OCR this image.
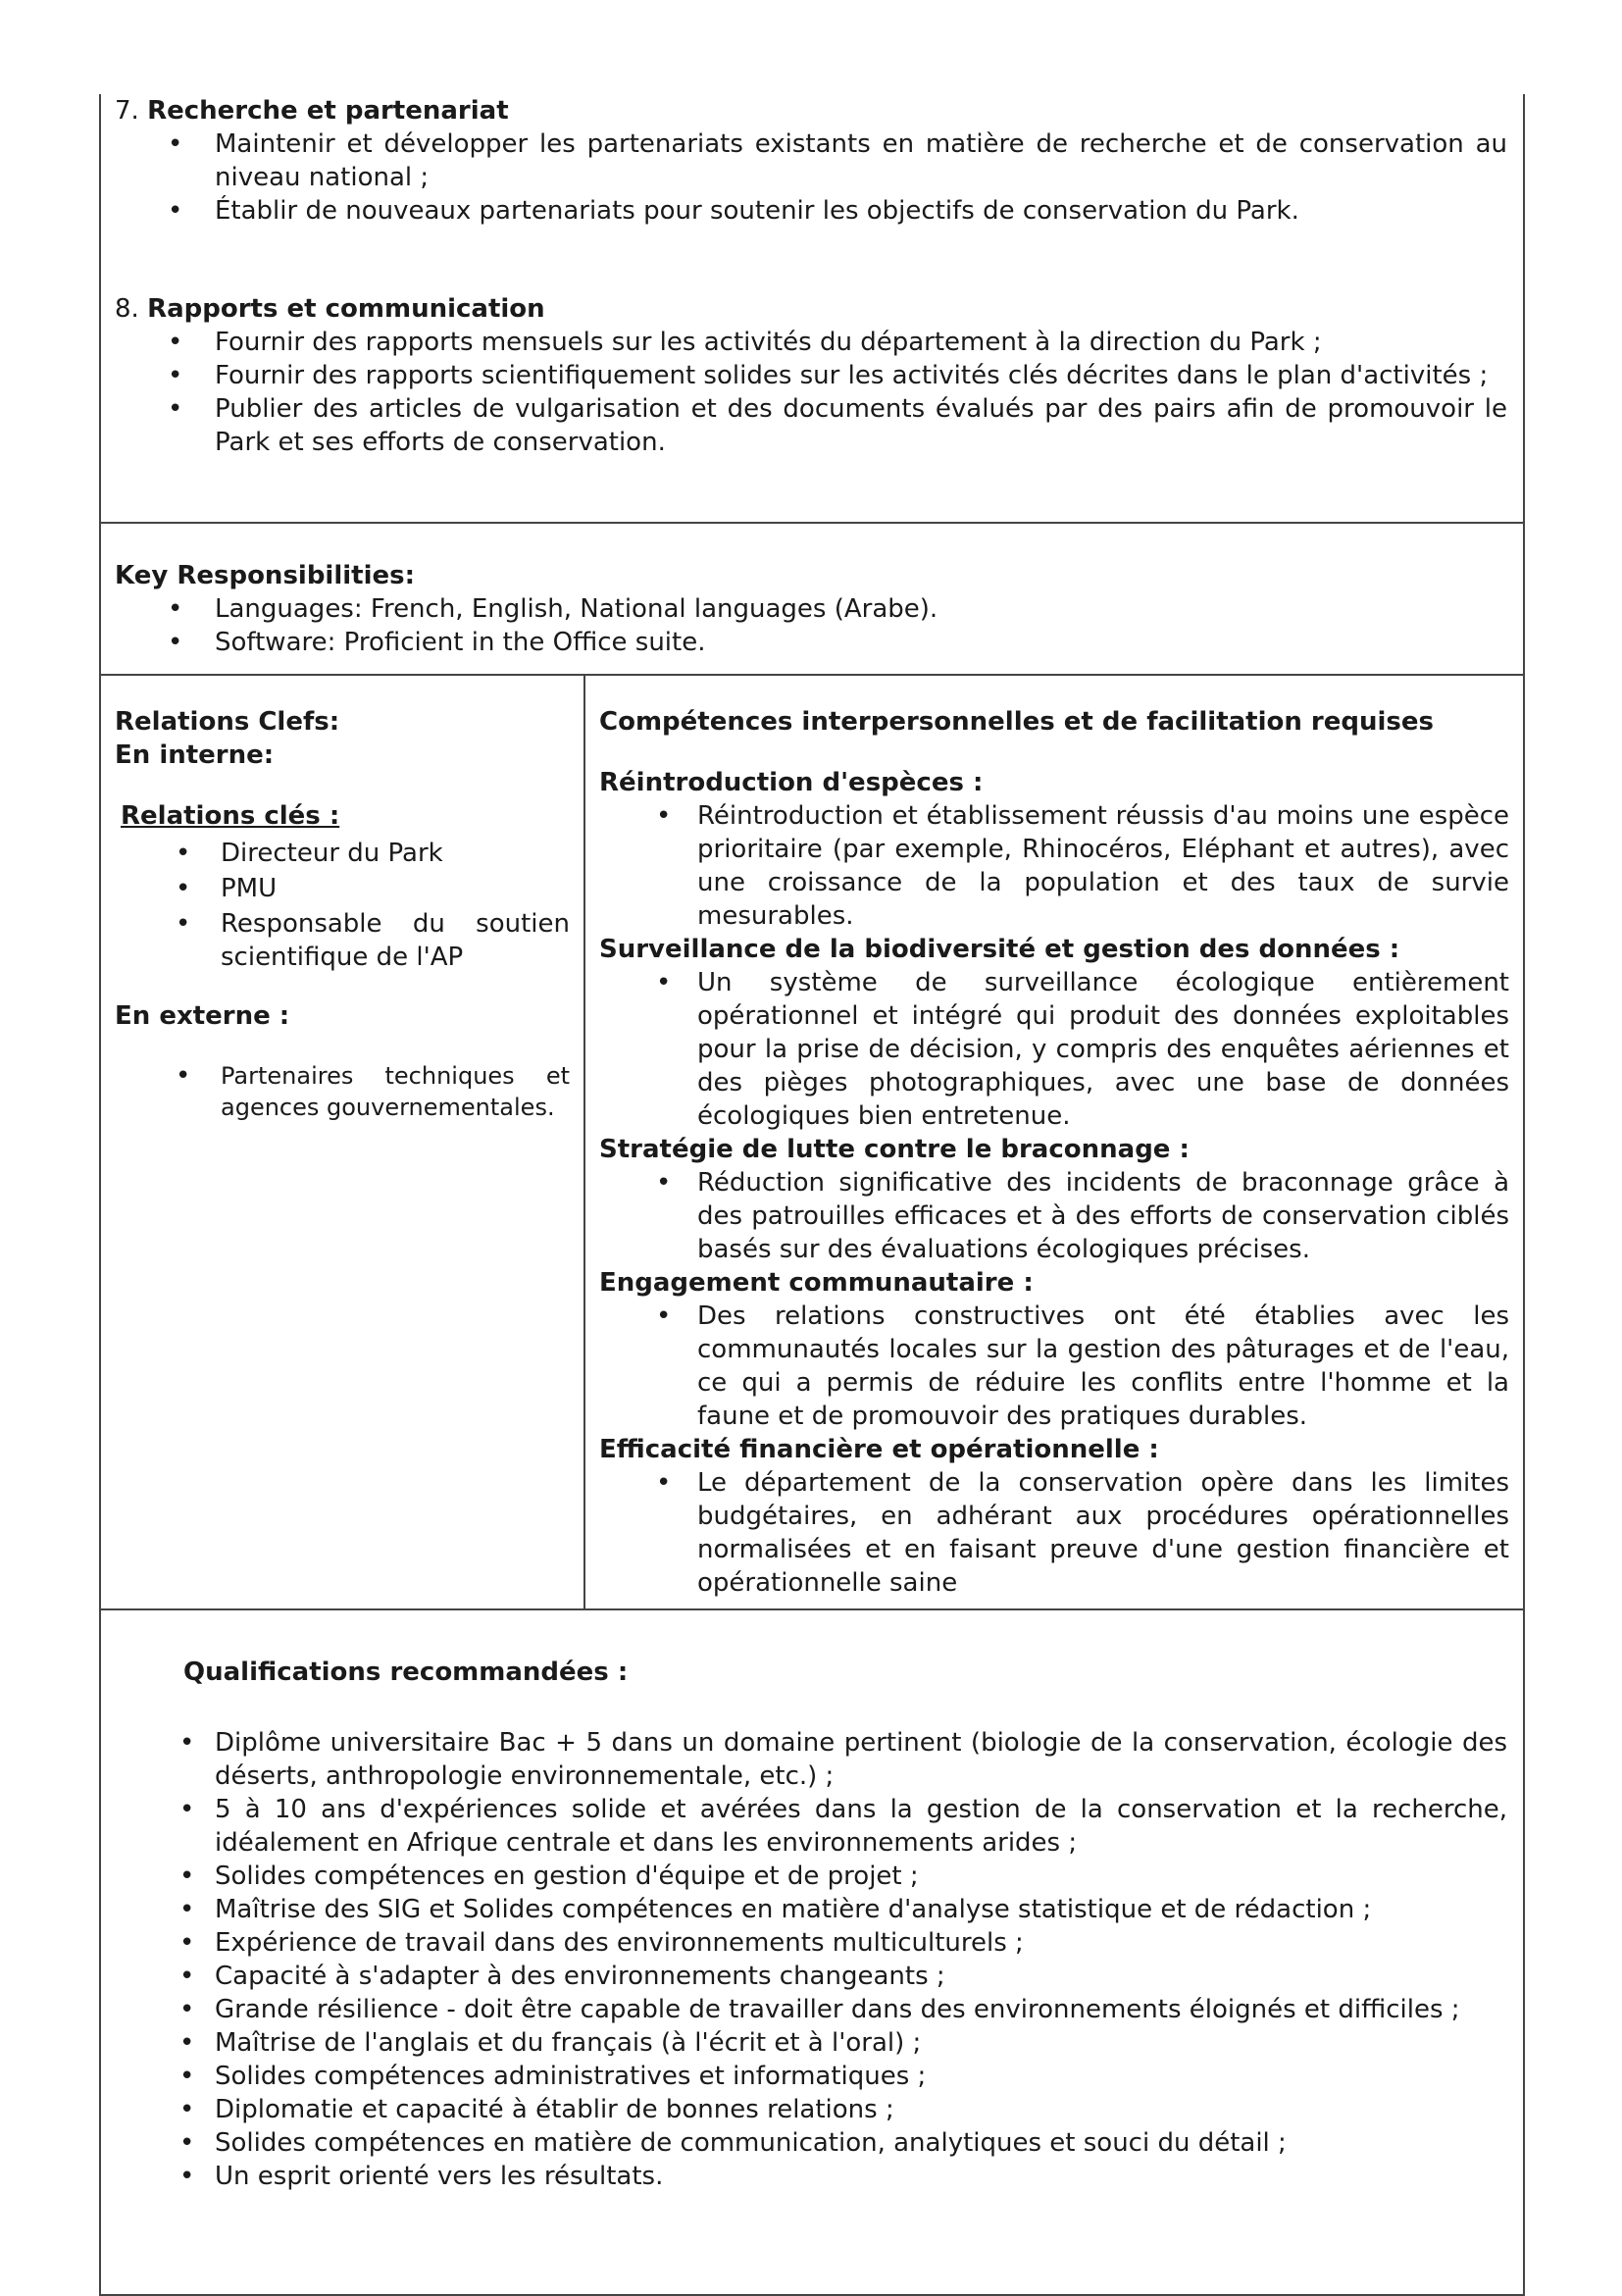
7. Recherche et partenariat

• Maintenir et développer les partenariats existants en matière de recherche et de conservation au niveau national ;
• Établir de nouveaux partenariats pour soutenir les objectifs de conservation du Park.

8. Rapports et communication

• Fournir des rapports mensuels sur les activités du département à la direction du Park ;
• Fournir des rapports scientifiquement solides sur les activités clés décrites dans le plan d'activités ;
• Publier des articles de vulgarisation et des documents évalués par des pairs afin de promouvoir le Park et ses efforts de conservation.

Key Responsibilities:

• Languages: French, English, National languages (Arabe).
• Software: Proficient in the Office suite.

Relations Clefs:

En interne:

Relations clés :

• Directeur du Park
• PMU
• Responsable du soutien scientifique de l'AP

En externe :

• Partenaires techniques et agences gouvernementales.

Compétences interpersonnelles et de facilitation requises

Réintroduction d'espèces :

• Réintroduction et établissement réussis d'au moins une espèce prioritaire (par exemple, Rhinocéros, Eléphant et autres), avec une croissance de la population et des taux de survie mesurables.

Surveillance de la biodiversité et gestion des données :

• Un système de surveillance écologique entièrement opérationnel et intégré qui produit des données exploitables pour la prise de décision, y compris des enquêtes aériennes et des pièges photographiques, avec une base de données écologiques bien entretenue.

Stratégie de lutte contre le braconnage :

• Réduction significative des incidents de braconnage grâce à des patrouilles efficaces et à des efforts de conservation ciblés basés sur des évaluations écologiques précises.

Engagement communautaire :

• Des relations constructives ont été établies avec les communautés locales sur la gestion des pâturages et de l'eau, ce qui a permis de réduire les conflits entre l'homme et la faune et de promouvoir des pratiques durables.

Efficacité financière et opérationnelle :

• Le département de la conservation opère dans les limites budgétaires, en adhérant aux procédures opérationnelles normalisées et en faisant preuve d'une gestion financière et opérationnelle saine

Qualifications recommandées :

• Diplôme universitaire Bac + 5 dans un domaine pertinent (biologie de la conservation, écologie des déserts, anthropologie environnementale, etc.) ;
• 5 à 10 ans d'expériences solide et avérées dans la gestion de la conservation et la recherche, idéalement en Afrique centrale et dans les environnements arides ;
• Solides compétences en gestion d'équipe et de projet ;
• Maîtrise des SIG et Solides compétences en matière d'analyse statistique et de rédaction ;
• Expérience de travail dans des environnements multiculturels ;
• Capacité à s'adapter à des environnements changeants ;
• Grande résilience - doit être capable de travailler dans des environnements éloignés et difficiles ;
• Maîtrise de l'anglais et du français (à l'écrit et à l'oral) ;
• Solides compétences administratives et informatiques ;
• Diplomatie et capacité à établir de bonnes relations ;
• Solides compétences en matière de communication, analytiques et souci du détail ;
• Un esprit orienté vers les résultats.
